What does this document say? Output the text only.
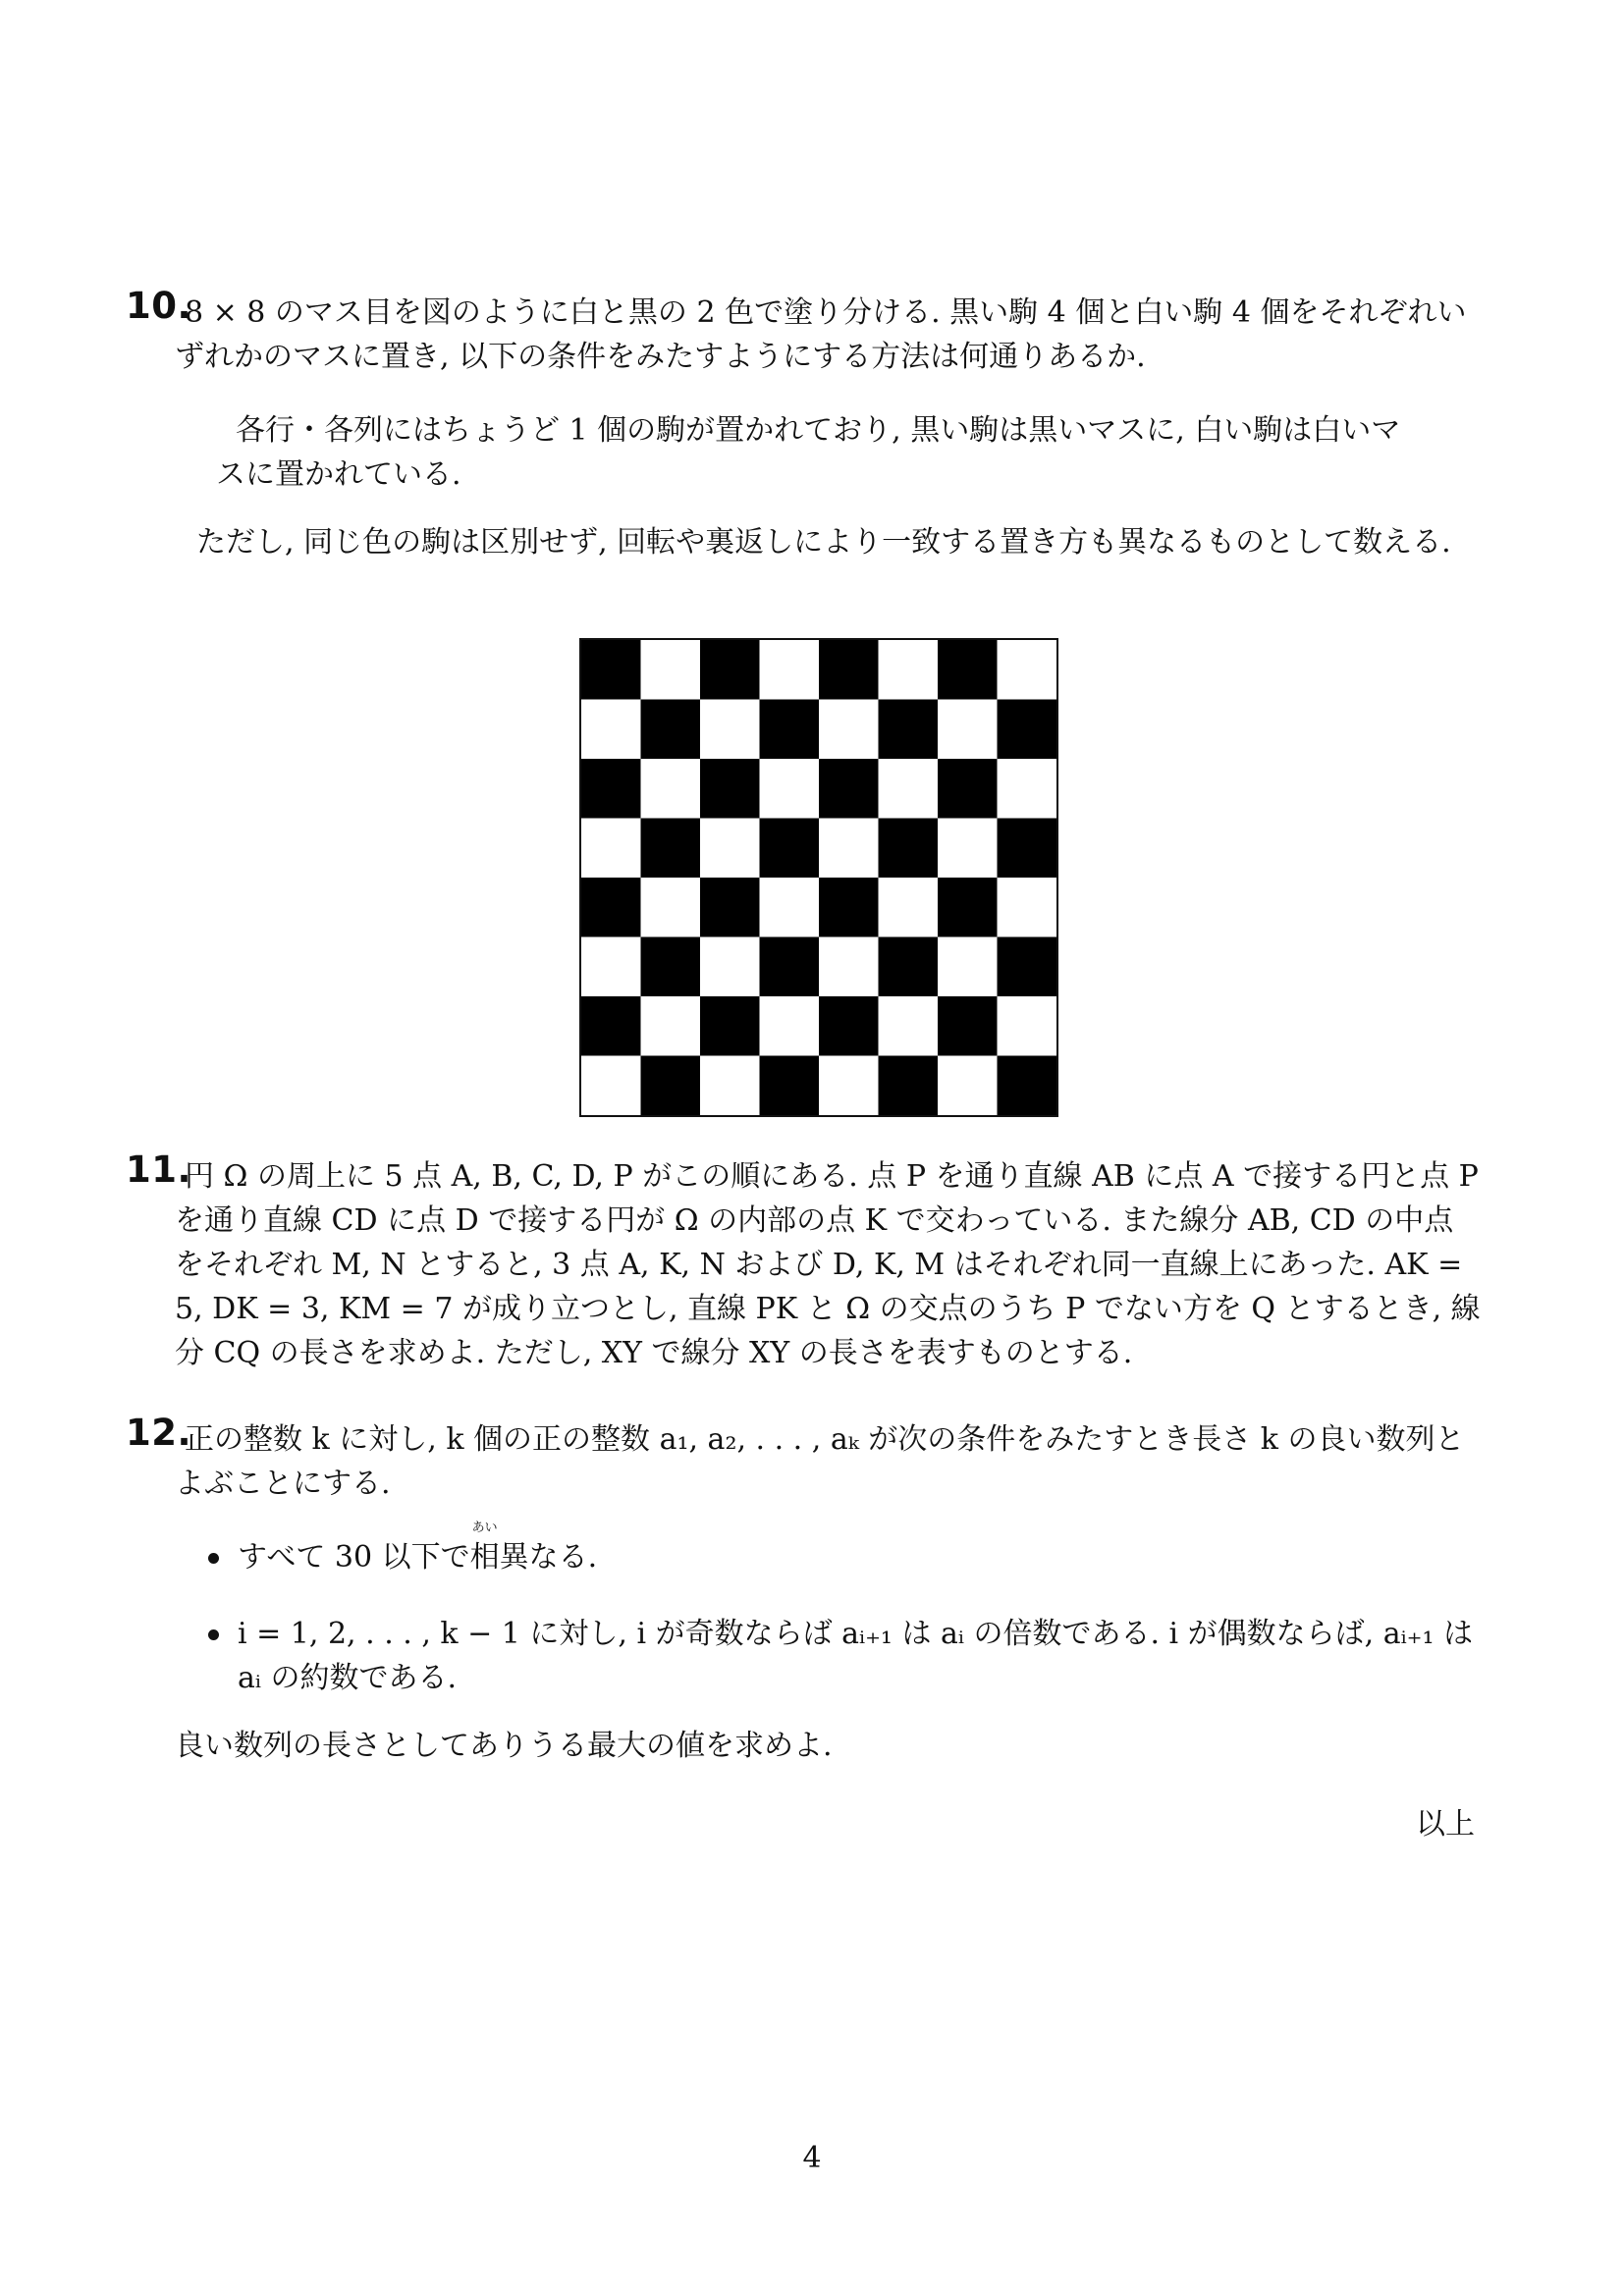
10.
8 × 8 のマス目を図のように白と黒の 2 色で塗り分ける. 黒い駒 4 個と白い駒 4 個をそれぞれいずれかのマスに置き, 以下の条件をみたすようにする方法は何通りあるか.
各行・各列にはちょうど 1 個の駒が置かれており, 黒い駒は黒いマスに, 白い駒は白いマスに置かれている.
ただし, 同じ色の駒は区別せず, 回転や裏返しにより一致する置き方も異なるものとして数える.
11.
円 Ω の周上に 5 点 A, B, C, D, P がこの順にある. 点 P を通り直線 AB に点 A で接する円と点 P を通り直線 CD に点 D で接する円が Ω の内部の点 K で交わっている. また線分 AB, CD の中点をそれぞれ M, N とすると, 3 点 A, K, N および D, K, M はそれぞれ同一直線上にあった. AK = 5, DK = 3, KM = 7 が成り立つとし, 直線 PK と Ω の交点のうち P でない方を Q とするとき, 線分 CQ の長さを求めよ. ただし, XY で線分 XY の長さを表すものとする.
12.
正の整数 k に対し, k 個の正の整数 a₁, a₂, . . . , aₖ が次の条件をみたすとき長さ k の良い数列とよぶことにする.
すべて 30 以下で
あい
相異なる.
i = 1, 2, . . . , k − 1 に対し, i が奇数ならば aᵢ₊₁ は aᵢ の倍数である. i が偶数ならば, aᵢ₊₁ は aᵢ の約数である.
良い数列の長さとしてありうる最大の値を求めよ.
以上
4
